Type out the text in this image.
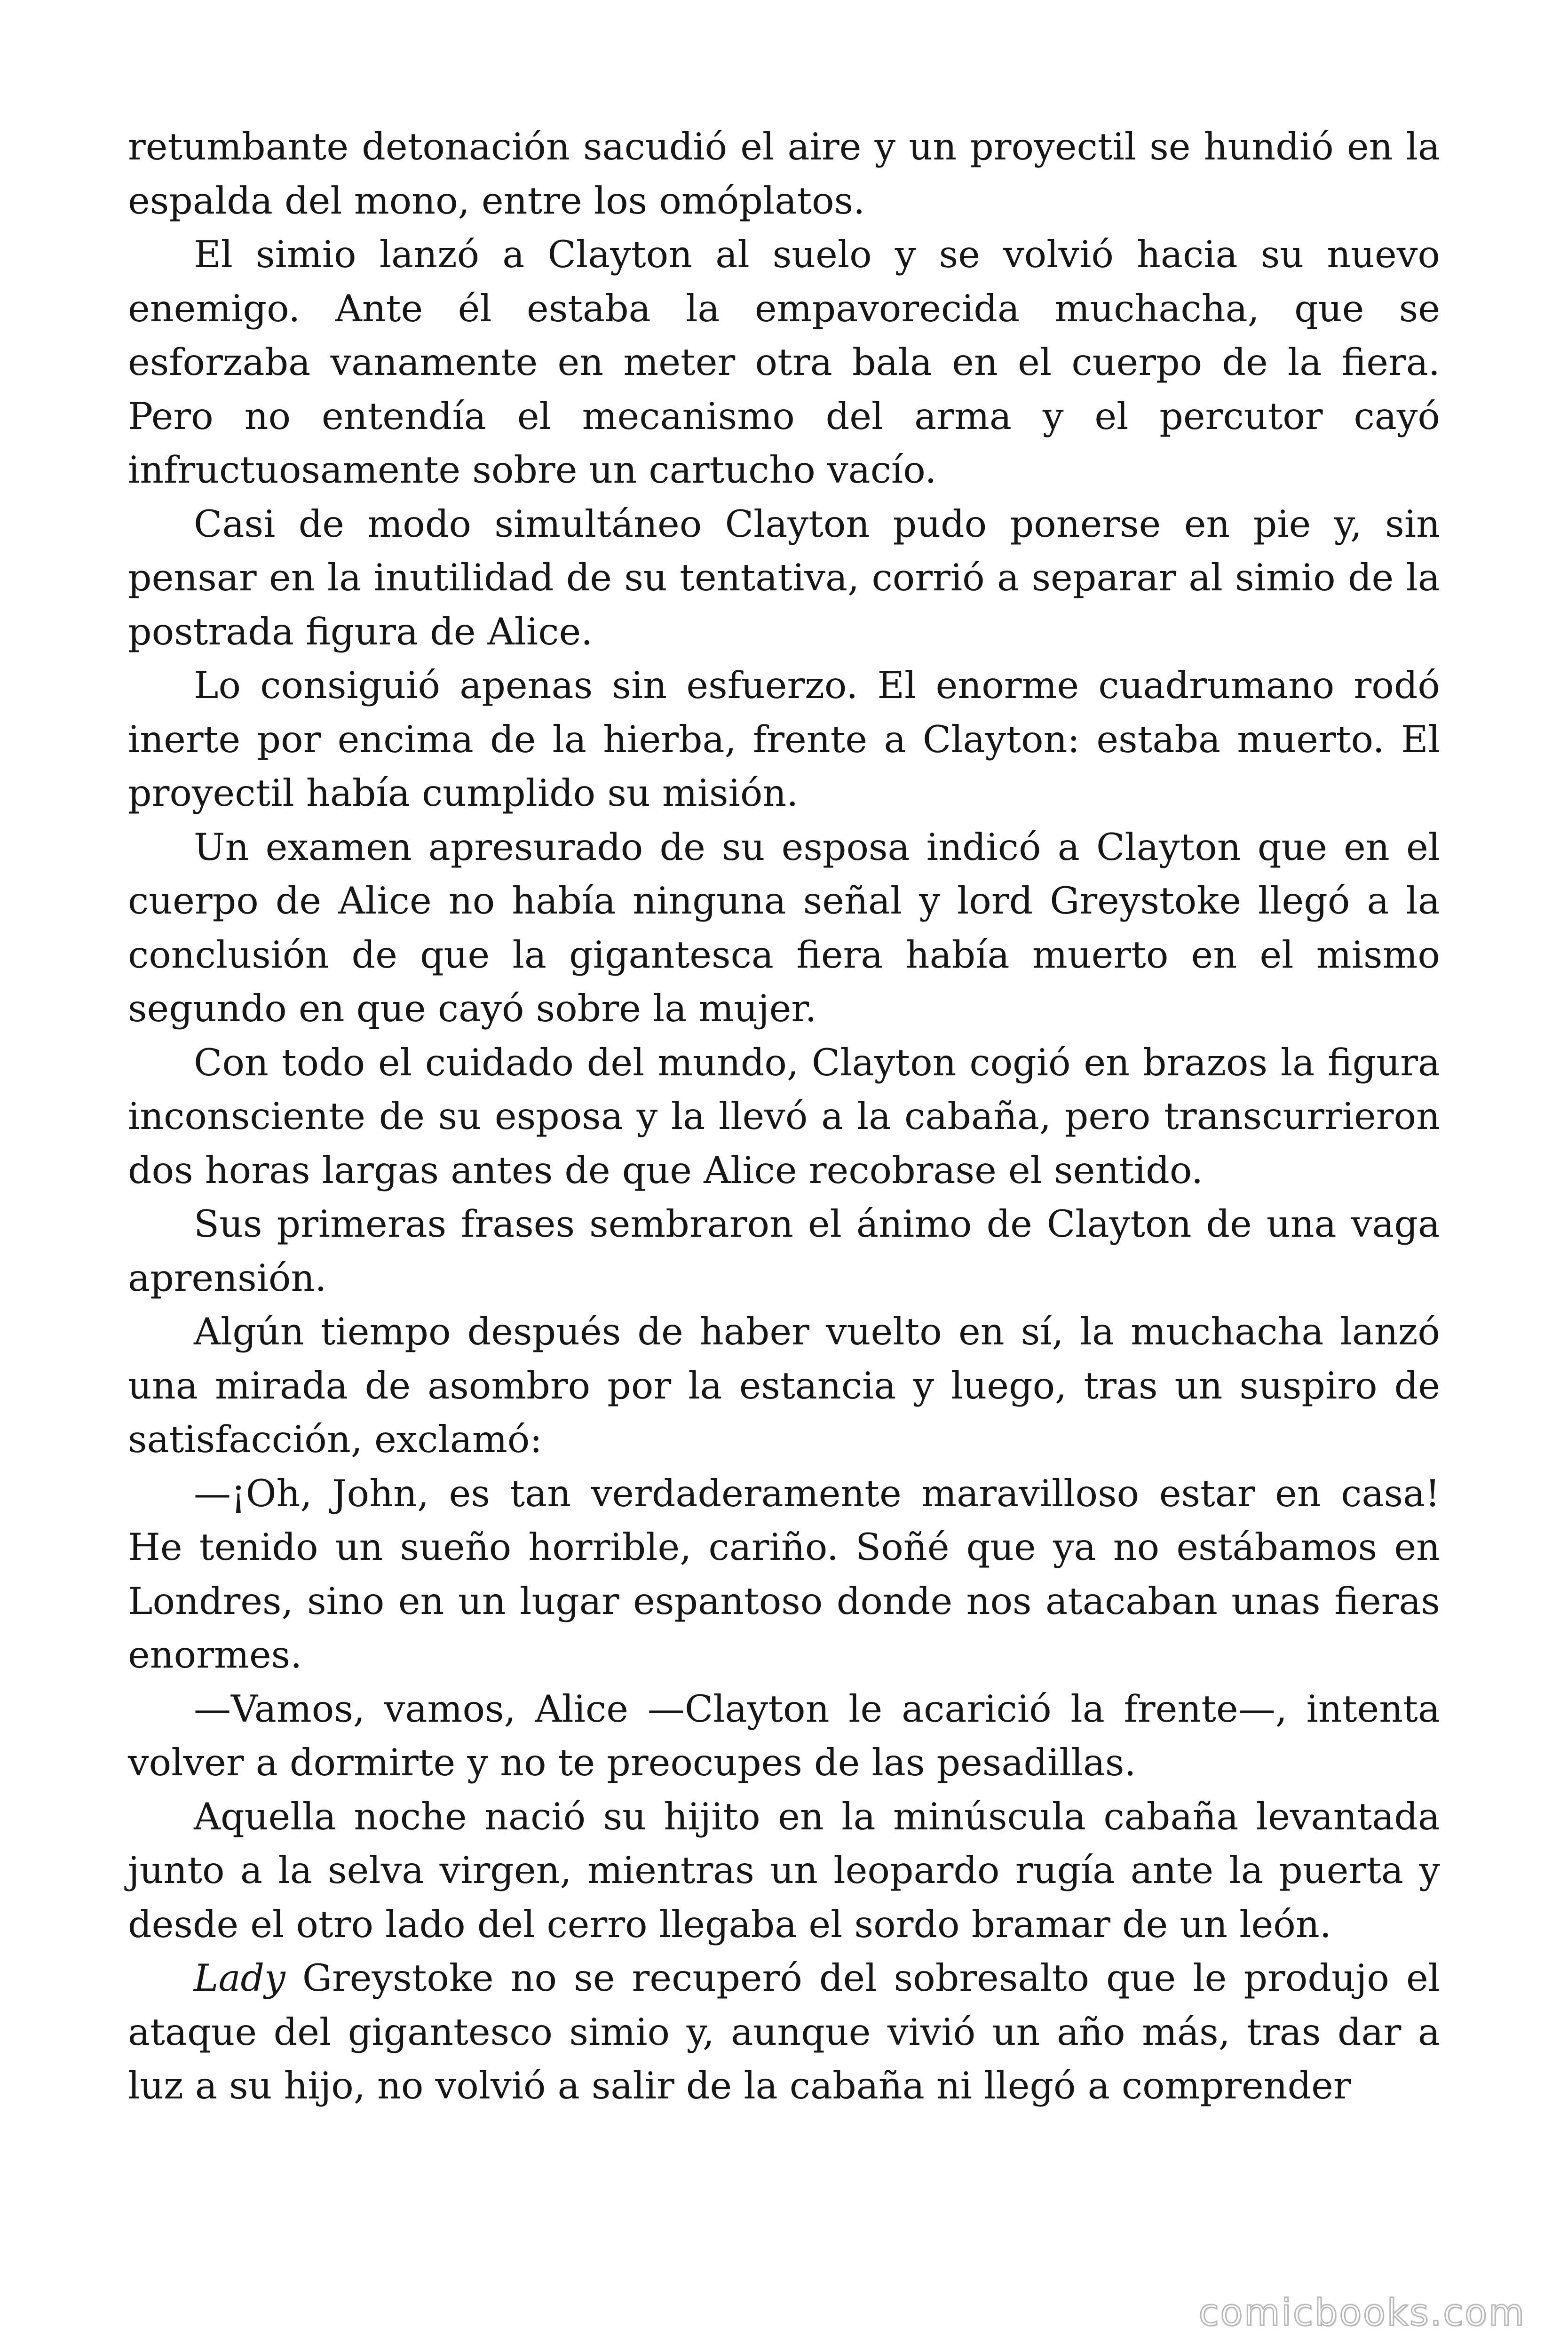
retumbante detonación sacudió el aire y un proyectil se hundió en la espalda del mono, entre los omóplatos.

El simio lanzó a Clayton al suelo y se volvió hacia su nuevo enemigo. Ante él estaba la empavorecida muchacha, que se esforzaba vanamente en meter otra bala en el cuerpo de la fiera. Pero no entendía el mecanismo del arma y el percutor cayó infructuosamente sobre un cartucho vacío.

Casi de modo simultáneo Clayton pudo ponerse en pie y, sin pensar en la inutilidad de su tentativa, corrió a separar al simio de la postrada figura de Alice.

Lo consiguió apenas sin esfuerzo. El enorme cuadrumano rodó inerte por encima de la hierba, frente a Clayton: estaba muerto. El proyectil había cumplido su misión.

Un examen apresurado de su esposa indicó a Clayton que en el cuerpo de Alice no había ninguna señal y lord Greystoke llegó a la conclusión de que la gigantesca fiera había muerto en el mismo segundo en que cayó sobre la mujer.

Con todo el cuidado del mundo, Clayton cogió en brazos la figura inconsciente de su esposa y la llevó a la cabaña, pero transcurrieron dos horas largas antes de que Alice recobrase el sentido.

Sus primeras frases sembraron el ánimo de Clayton de una vaga aprensión.

Algún tiempo después de haber vuelto en sí, la muchacha lanzó una mirada de asombro por la estancia y luego, tras un suspiro de satisfacción, exclamó:

—¡Oh, John, es tan verdaderamente maravilloso estar en casa! He tenido un sueño horrible, cariño. Soñé que ya no estábamos en Londres, sino en un lugar espantoso donde nos atacaban unas fieras enormes.

—Vamos, vamos, Alice —Clayton le acarició la frente—, intenta volver a dormirte y no te preocupes de las pesadillas.

Aquella noche nació su hijito en la minúscula cabaña levantada junto a la selva virgen, mientras un leopardo rugía ante la puerta y desde el otro lado del cerro llegaba el sordo bramar de un león.

Lady Greystoke no se recuperó del sobresalto que le produjo el ataque del gigantesco simio y, aunque vivió un año más, tras dar a luz a su hijo, no volvió a salir de la cabaña ni llegó a comprender

comicbooks.com
